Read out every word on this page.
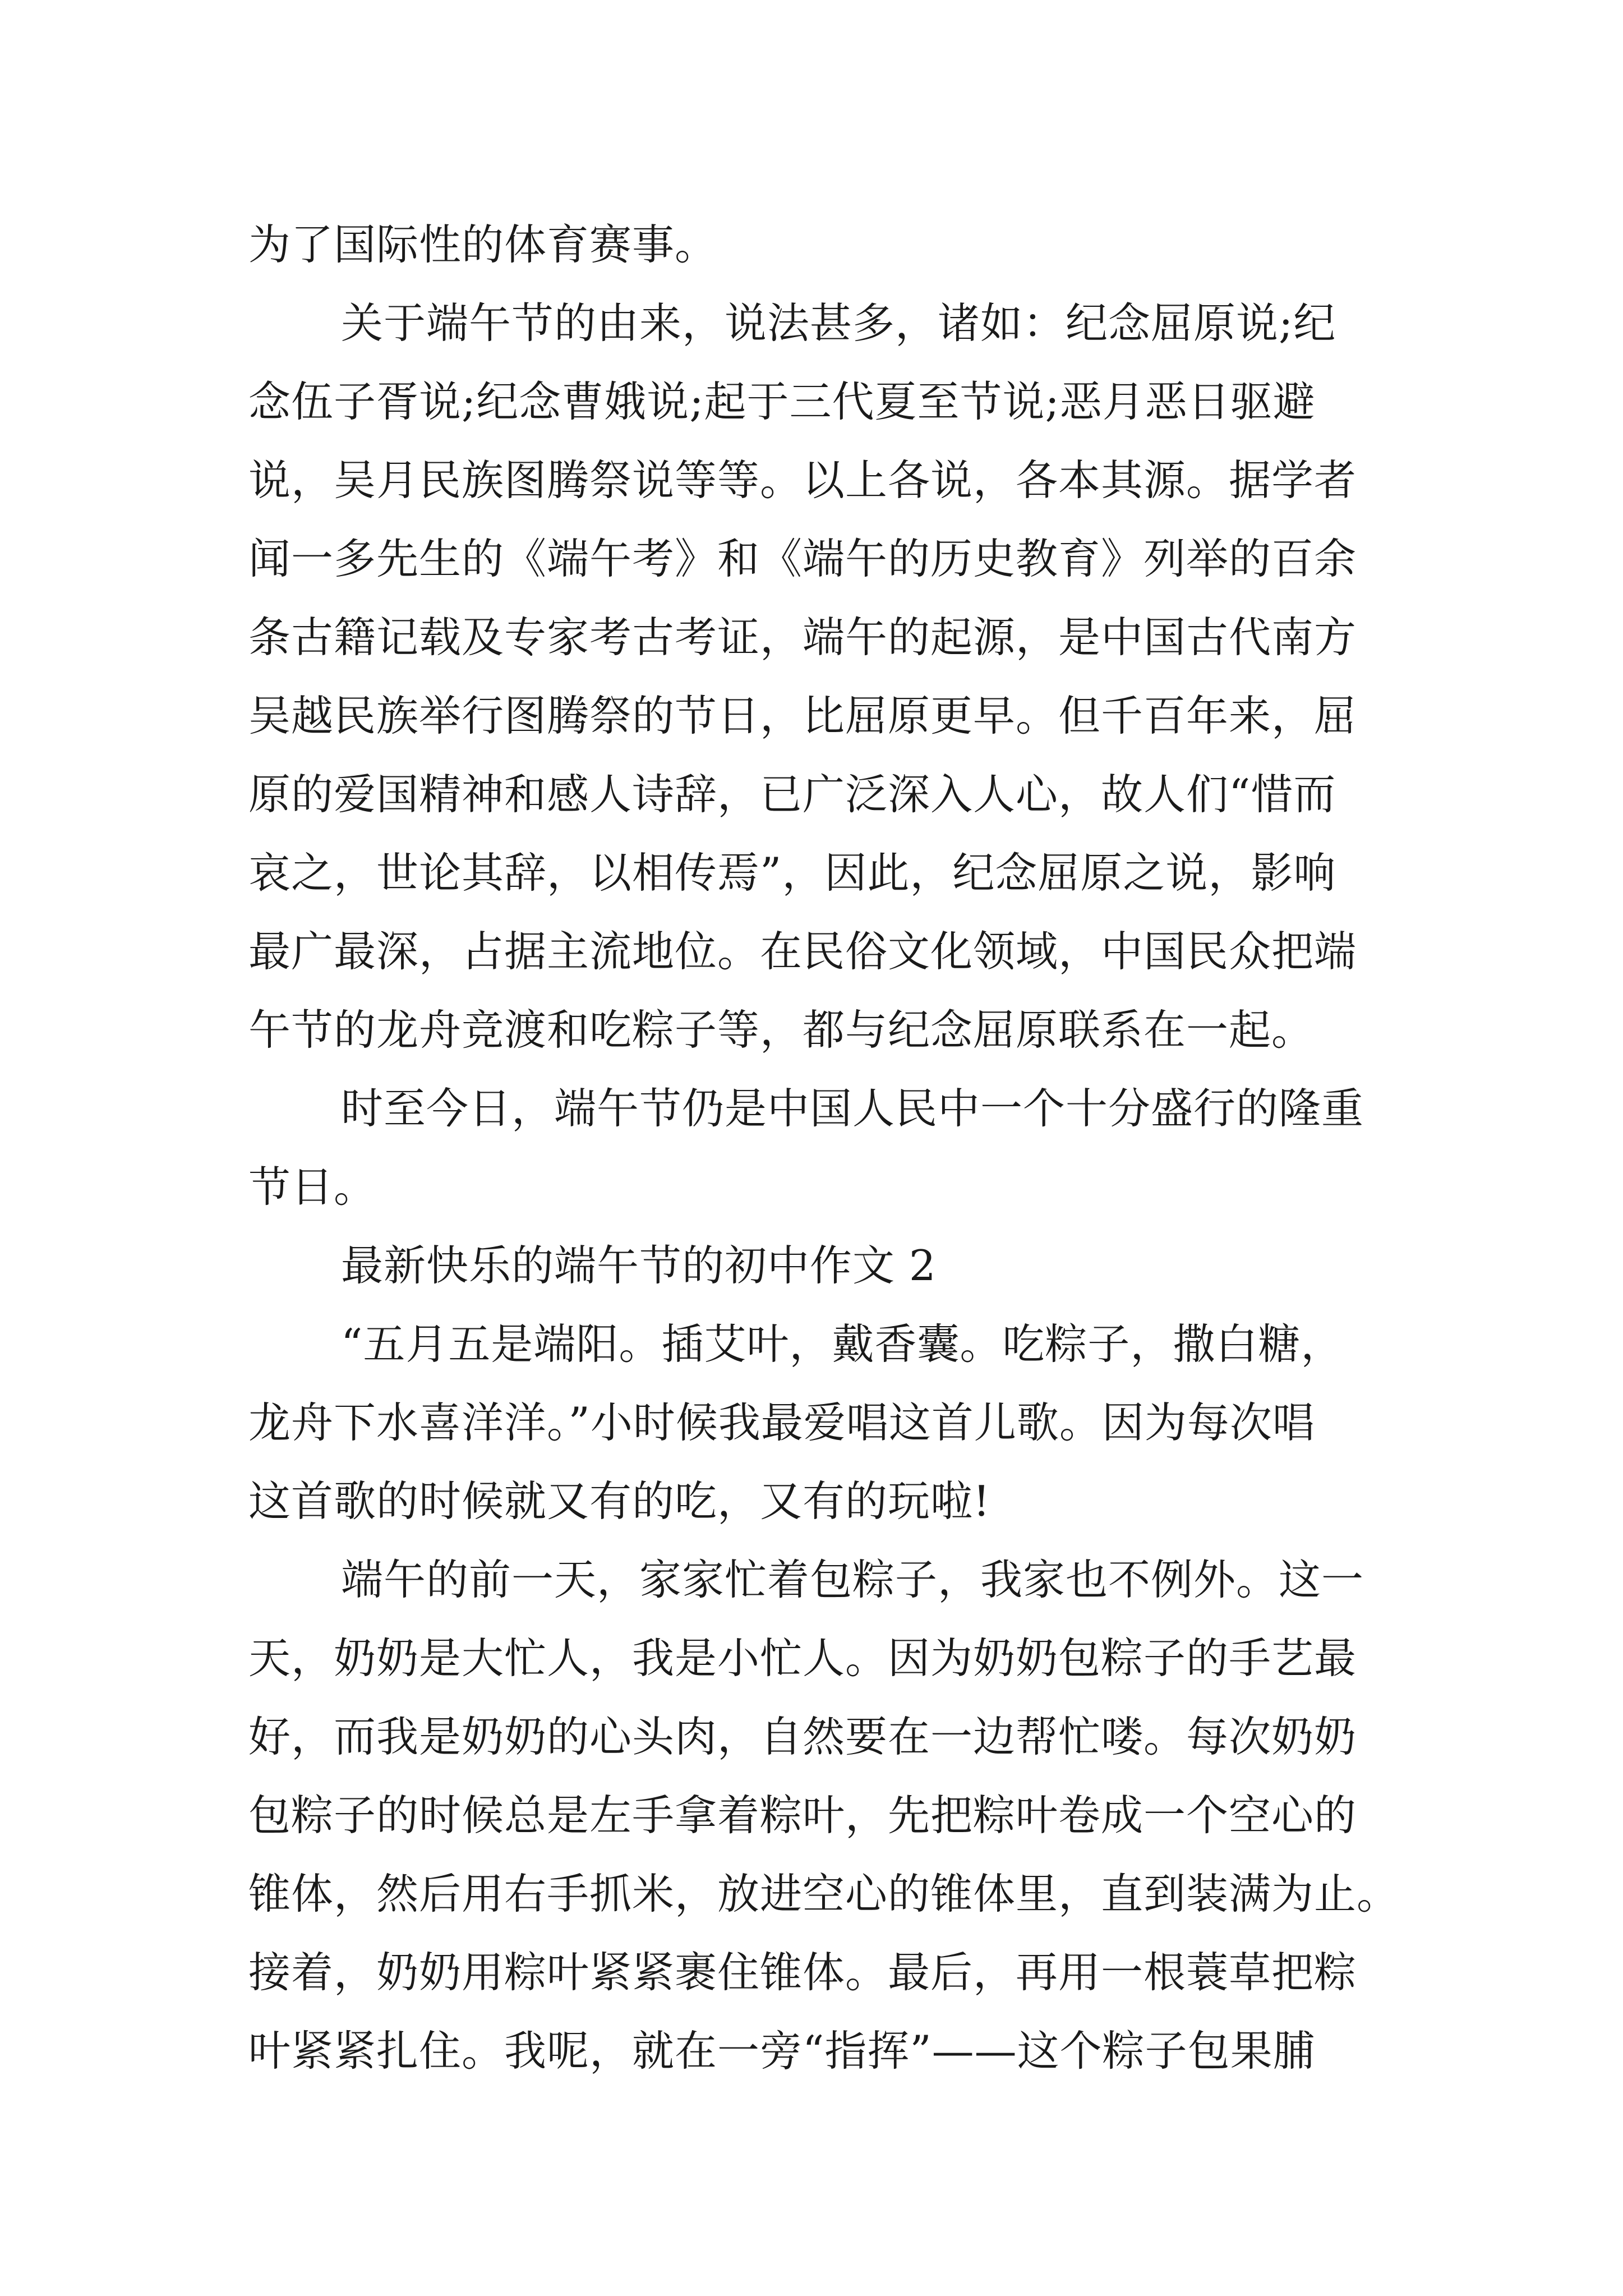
为了国际性的体育赛事。
关于端午节的由来，说法甚多，诸如：纪念屈原说;纪
念伍子胥说;纪念曹娥说;起于三代夏至节说;恶月恶日驱避
说，吴月民族图腾祭说等等。以上各说，各本其源。据学者
闻一多先生的《端午考》和《端午的历史教育》列举的百余
条古籍记载及专家考古考证，端午的起源，是中国古代南方
吴越民族举行图腾祭的节日，比屈原更早。但千百年来，屈
原的爱国精神和感人诗辞，已广泛深入人心，故人们“惜而
哀之，世论其辞，以相传焉”，因此，纪念屈原之说，影响
最广最深，占据主流地位。在民俗文化领域，中国民众把端
午节的龙舟竞渡和吃粽子等，都与纪念屈原联系在一起。
时至今日，端午节仍是中国人民中一个十分盛行的隆重
节日。
最新快乐的端午节的初中作文 2
“五月五是端阳。插艾叶，戴香囊。吃粽子，撒白糖，
龙舟下水喜洋洋。”小时候我最爱唱这首儿歌。因为每次唱
这首歌的时候就又有的吃，又有的玩啦!
端午的前一天，家家忙着包粽子，我家也不例外。这一
天，奶奶是大忙人，我是小忙人。因为奶奶包粽子的手艺最
好，而我是奶奶的心头肉，自然要在一边帮忙喽。每次奶奶
包粽子的时候总是左手拿着粽叶，先把粽叶卷成一个空心的
锥体，然后用右手抓米，放进空心的锥体里，直到装满为止。
接着，奶奶用粽叶紧紧裹住锥体。最后，再用一根蓑草把粽
叶紧紧扎住。我呢，就在一旁“指挥”——这个粽子包果脯
